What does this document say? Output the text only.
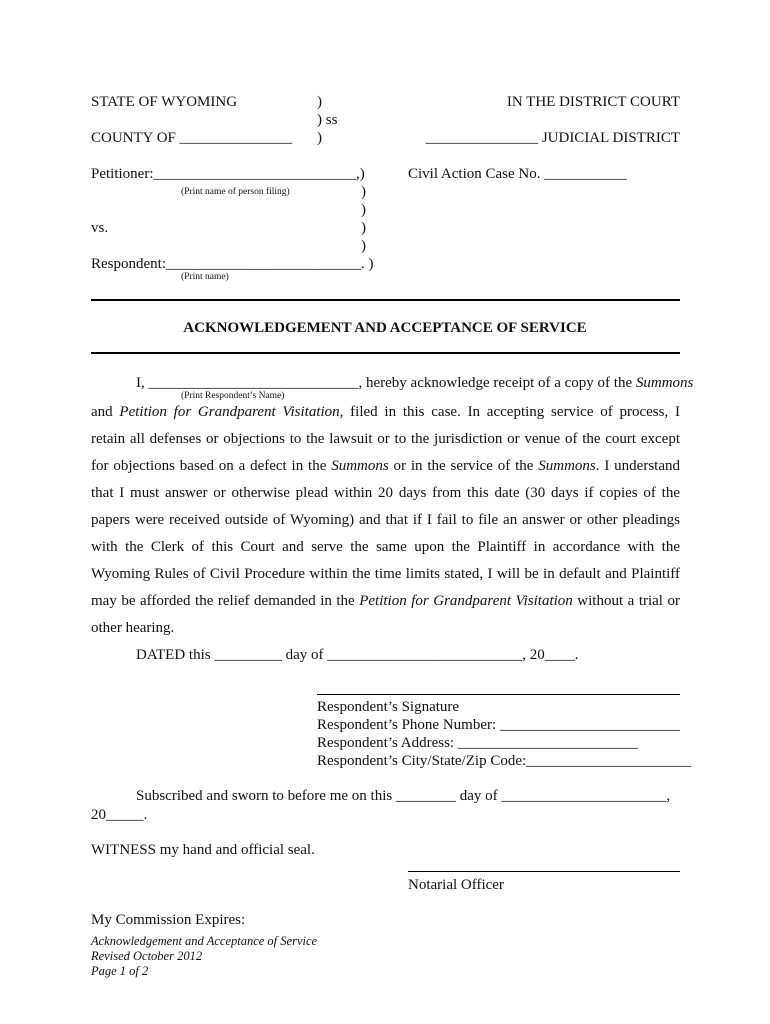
STATE OF WYOMING	)
) ss
)
COUNTY OF _______________
IN THE DISTRICT COURT
_______________ JUDICIAL DISTRICT
Petitioner:___________________________,)
(Print name of person filing)	)
)
)
)
vs.
Respondent:__________________________. )
(Print name)
Civil Action Case No. ___________
ACKNOWLEDGEMENT AND ACCEPTANCE OF SERVICE
I, ____________________________, hereby acknowledge receipt of a copy of the Summons
(Print Respondent’s Name)
and Petition for Grandparent Visitation, filed in this case. In accepting service of process, I
retain all defenses or objections to the lawsuit or to the jurisdiction or venue of the court except
for objections based on a defect in the Summons or in the service of the Summons. I understand
that I must answer or otherwise plead within 20 days from this date (30 days if copies of the
papers were received outside of Wyoming) and that if I fail to file an answer or other pleadings
with the Clerk of this Court and serve the same upon the Plaintiff in accordance with the
Wyoming Rules of Civil Procedure within the time limits stated, I will be in default and Plaintiff
may be afforded the relief demanded in the Petition for Grandparent Visitation without a trial or
other hearing.
DATED this _________ day of __________________________, 20____.
Respondent’s Signature
Respondent’s Phone Number: ________________________
Respondent’s Address: ________________________
Respondent’s City/State/Zip Code:______________________
Subscribed and sworn to before me on this ________ day of ______________________,
20_____.
WITNESS my hand and official seal.
Notarial Officer
My Commission Expires:
Acknowledgement and Acceptance of Service
Revised October 2012
Page 1 of 2
